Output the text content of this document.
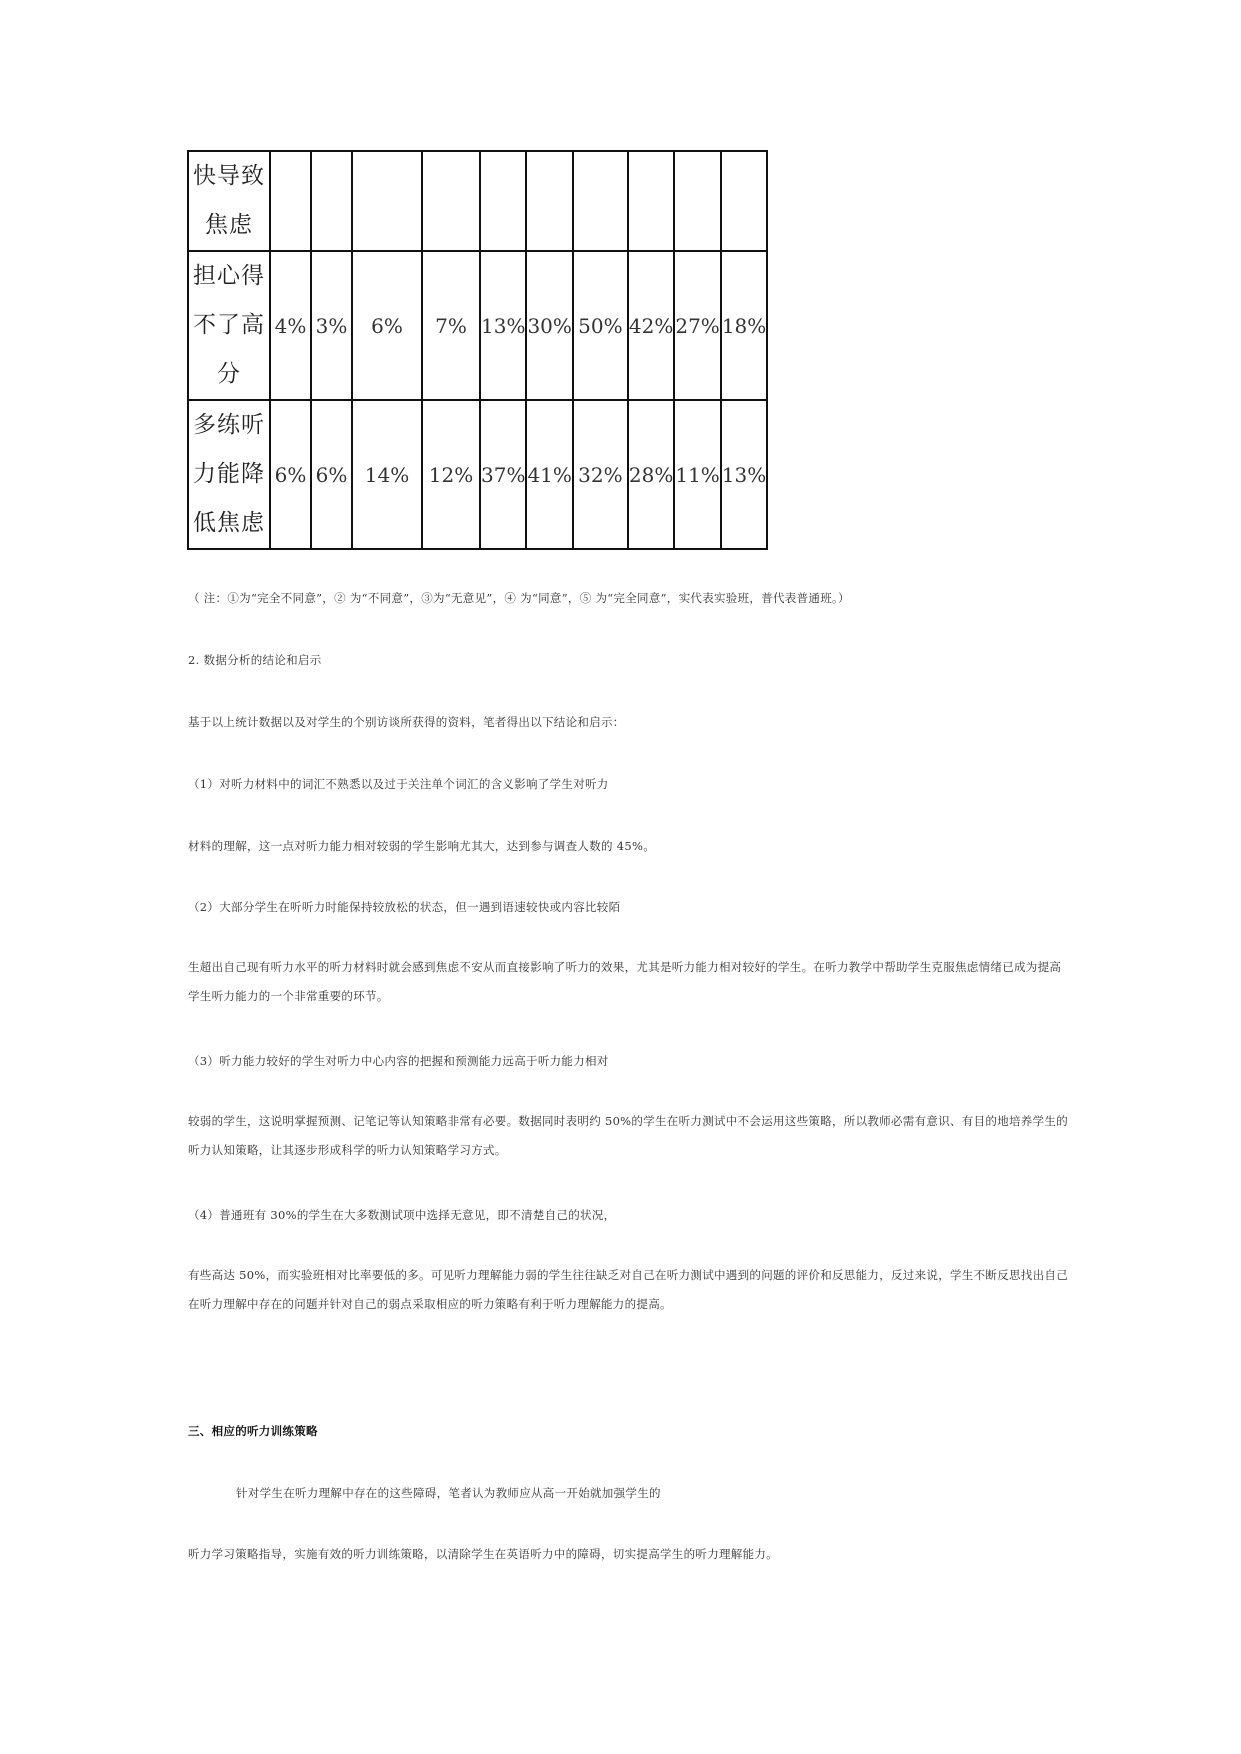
快导致焦虑										
担心得不了高分	4%	3%	6%	7%	13%	30%	50%	42%	27%	18%
多练听力能降低焦虑	6%	6%	14%	12%	37%	41%	32%	28%	11%	13%
（ 注：①为“完全不同意”，② 为“不同意”，③为“无意见”，④ 为“同意”，⑤ 为“完全同意”，实代表实验班，普代表普通班。）
2. 数据分析的结论和启示
基于以上统计数据以及对学生的个别访谈所获得的资料，笔者得出以下结论和启示：
（1）对听力材料中的词汇不熟悉以及过于关注单个词汇的含义影响了学生对听力
材料的理解，这一点对听力能力相对较弱的学生影响尤其大，达到参与调查人数的 45%。
（2）大部分学生在听听力时能保持较放松的状态，但一遇到语速较快或内容比较陌
生超出自己现有听力水平的听力材料时就会感到焦虑不安从而直接影响了听力的效果，尤其是听力能力相对较好的学生。在听力教学中帮助学生克服焦虑情绪已成为提高学生听力能力的一个非常重要的环节。
（3）听力能力较好的学生对听力中心内容的把握和预测能力远高于听力能力相对
较弱的学生，这说明掌握预测、记笔记等认知策略非常有必要。数据同时表明约 50%的学生在听力测试中不会运用这些策略，所以教师必需有意识、有目的地培养学生的听力认知策略，让其逐步形成科学的听力认知策略学习方式。
（4）普通班有 30%的学生在大多数测试项中选择无意见，即不清楚自己的状况，
有些高达 50%，而实验班相对比率要低的多。可见听力理解能力弱的学生往往缺乏对自己在听力测试中遇到的问题的评价和反思能力，反过来说，学生不断反思找出自己在听力理解中存在的问题并针对自己的弱点采取相应的听力策略有利于听力理解能力的提高。
三、相应的听力训练策略
针对学生在听力理解中存在的这些障碍，笔者认为教师应从高一开始就加强学生的
听力学习策略指导，实施有效的听力训练策略，以清除学生在英语听力中的障碍，切实提高学生的听力理解能力。
